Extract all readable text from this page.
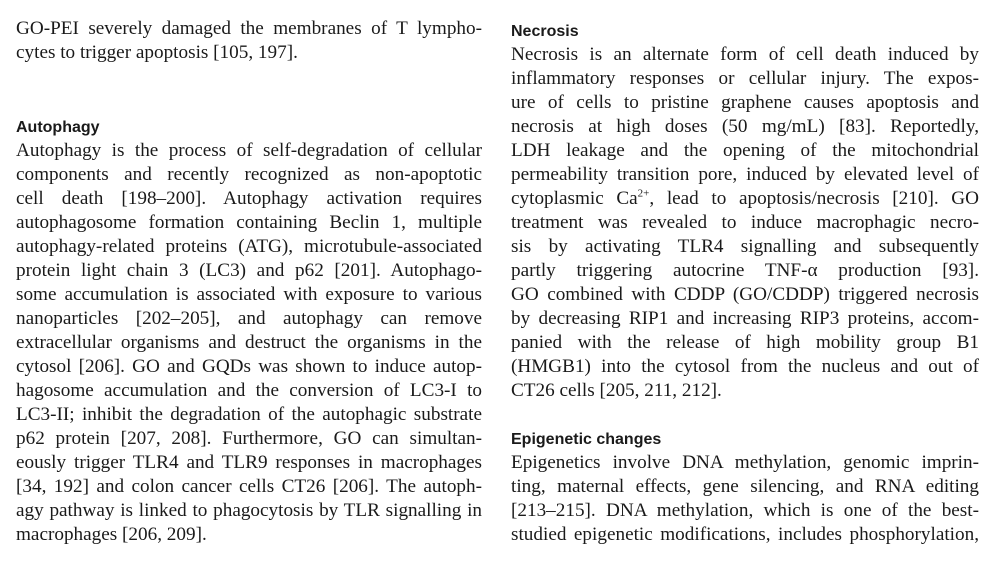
GO-PEI severely damaged the membranes of T lympho-
cytes to trigger apoptosis [105, 197].
Autophagy
Autophagy is the process of self-degradation of cellular
components and recently recognized as non-apoptotic
cell death [198–200]. Autophagy activation requires
autophagosome formation containing Beclin 1, multiple
autophagy-related proteins (ATG), microtubule-associated
protein light chain 3 (LC3) and p62 [201]. Autophago-
some accumulation is associated with exposure to various
nanoparticles [202–205], and autophagy can remove
extracellular organisms and destruct the organisms in the
cytosol [206]. GO and GQDs was shown to induce autop-
hagosome accumulation and the conversion of LC3-I to
LC3-II; inhibit the degradation of the autophagic substrate
p62 protein [207, 208]. Furthermore, GO can simultan-
eously trigger TLR4 and TLR9 responses in macrophages
[34, 192] and colon cancer cells CT26 [206]. The autoph-
agy pathway is linked to phagocytosis by TLR signalling in
macrophages [206, 209].
Necrosis
Necrosis is an alternate form of cell death induced by
inflammatory responses or cellular injury. The expos-
ure of cells to pristine graphene causes apoptosis and
necrosis at high doses (50 mg/mL) [83]. Reportedly,
LDH leakage and the opening of the mitochondrial
permeability transition pore, induced by elevated level of
cytoplasmic $Ca^{2+}$, lead to apoptosis/necrosis [210]. GO
treatment was revealed to induce macrophagic necro-
sis by activating TLR4 signalling and subsequently
partly triggering autocrine TNF-α production [93].
GO combined with CDDP (GO/CDDP) triggered necrosis
by decreasing RIP1 and increasing RIP3 proteins, accom-
panied with the release of high mobility group B1
(HMGB1) into the cytosol from the nucleus and out of
CT26 cells [205, 211, 212].
Epigenetic changes
Epigenetics involve DNA methylation, genomic imprin-
ting, maternal effects, gene silencing, and RNA editing
[213–215]. DNA methylation, which is one of the best-
studied epigenetic modifications, includes phosphorylation,
